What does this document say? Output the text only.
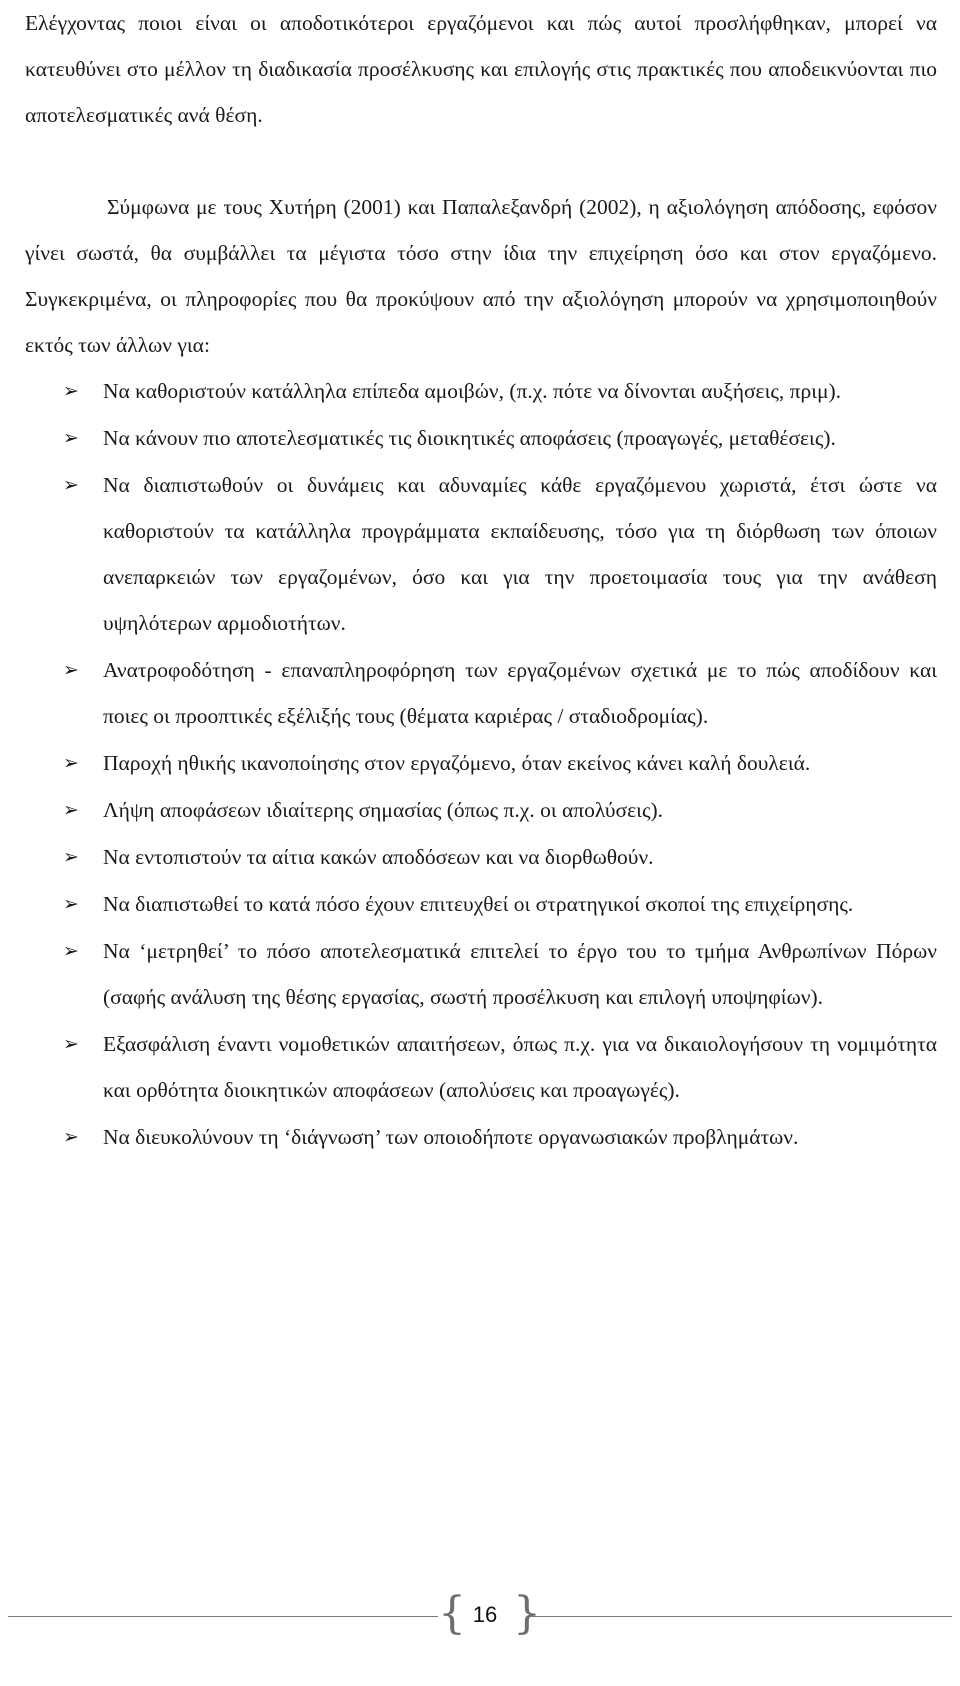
Ελέγχοντας ποιοι είναι οι αποδοτικότεροι εργαζόμενοι και πώς αυτοί προσλήφθηκαν, μπορεί να κατευθύνει στο μέλλον τη διαδικασία προσέλκυσης και επιλογής στις πρακτικές που αποδεικνύονται πιο αποτελεσματικές ανά θέση.

Σύμφωνα με τους Χυτήρη (2001) και Παπαλεξανδρή (2002), η αξιολόγηση απόδοσης, εφόσον γίνει σωστά, θα συμβάλλει τα μέγιστα τόσο στην ίδια την επιχείρηση όσο και στον εργαζόμενο. Συγκεκριμένα, οι πληροφορίες που θα προκύψουν από την αξιολόγηση μπορούν να χρησιμοποιηθούν εκτός των άλλων για:

➢ Να καθοριστούν κατάλληλα επίπεδα αμοιβών, (π.χ. πότε να δίνονται αυξήσεις, πριμ).
➢ Να κάνουν πιο αποτελεσματικές τις διοικητικές αποφάσεις (προαγωγές, μεταθέσεις).
➢ Να διαπιστωθούν οι δυνάμεις και αδυναμίες κάθε εργαζόμενου χωριστά, έτσι ώστε να καθοριστούν τα κατάλληλα προγράμματα εκπαίδευσης, τόσο για τη διόρθωση των όποιων ανεπαρκειών των εργαζομένων, όσο και για την προετοιμασία τους για την ανάθεση υψηλότερων αρμοδιοτήτων.
➢ Ανατροφοδότηση - επαναπληροφόρηση των εργαζομένων σχετικά με το πώς αποδίδουν και ποιες οι προοπτικές εξέλιξής τους (θέματα καριέρας / σταδιοδρομίας).
➢ Παροχή ηθικής ικανοποίησης στον εργαζόμενο, όταν εκείνος κάνει καλή δουλειά.
➢ Λήψη αποφάσεων ιδιαίτερης σημασίας (όπως π.χ. οι απολύσεις).
➢ Να εντοπιστούν τα αίτια κακών αποδόσεων και να διορθωθούν.
➢ Να διαπιστωθεί το κατά πόσο έχουν επιτευχθεί οι στρατηγικοί σκοποί της επιχείρησης.
➢ Να ‘μετρηθεί’ το πόσο αποτελεσματικά επιτελεί το έργο του το τμήμα Ανθρωπίνων Πόρων (σαφής ανάλυση της θέσης εργασίας, σωστή προσέλκυση και επιλογή υποψηφίων).
➢ Εξασφάλιση έναντι νομοθετικών απαιτήσεων, όπως π.χ. για να δικαιολογήσουν τη νομιμότητα και ορθότητα διοικητικών αποφάσεων (απολύσεις και προαγωγές).
➢ Να διευκολύνουν τη ‘διάγνωση’ των οποιοδήποτε οργανωσιακών προβλημάτων.
{ 16 }
